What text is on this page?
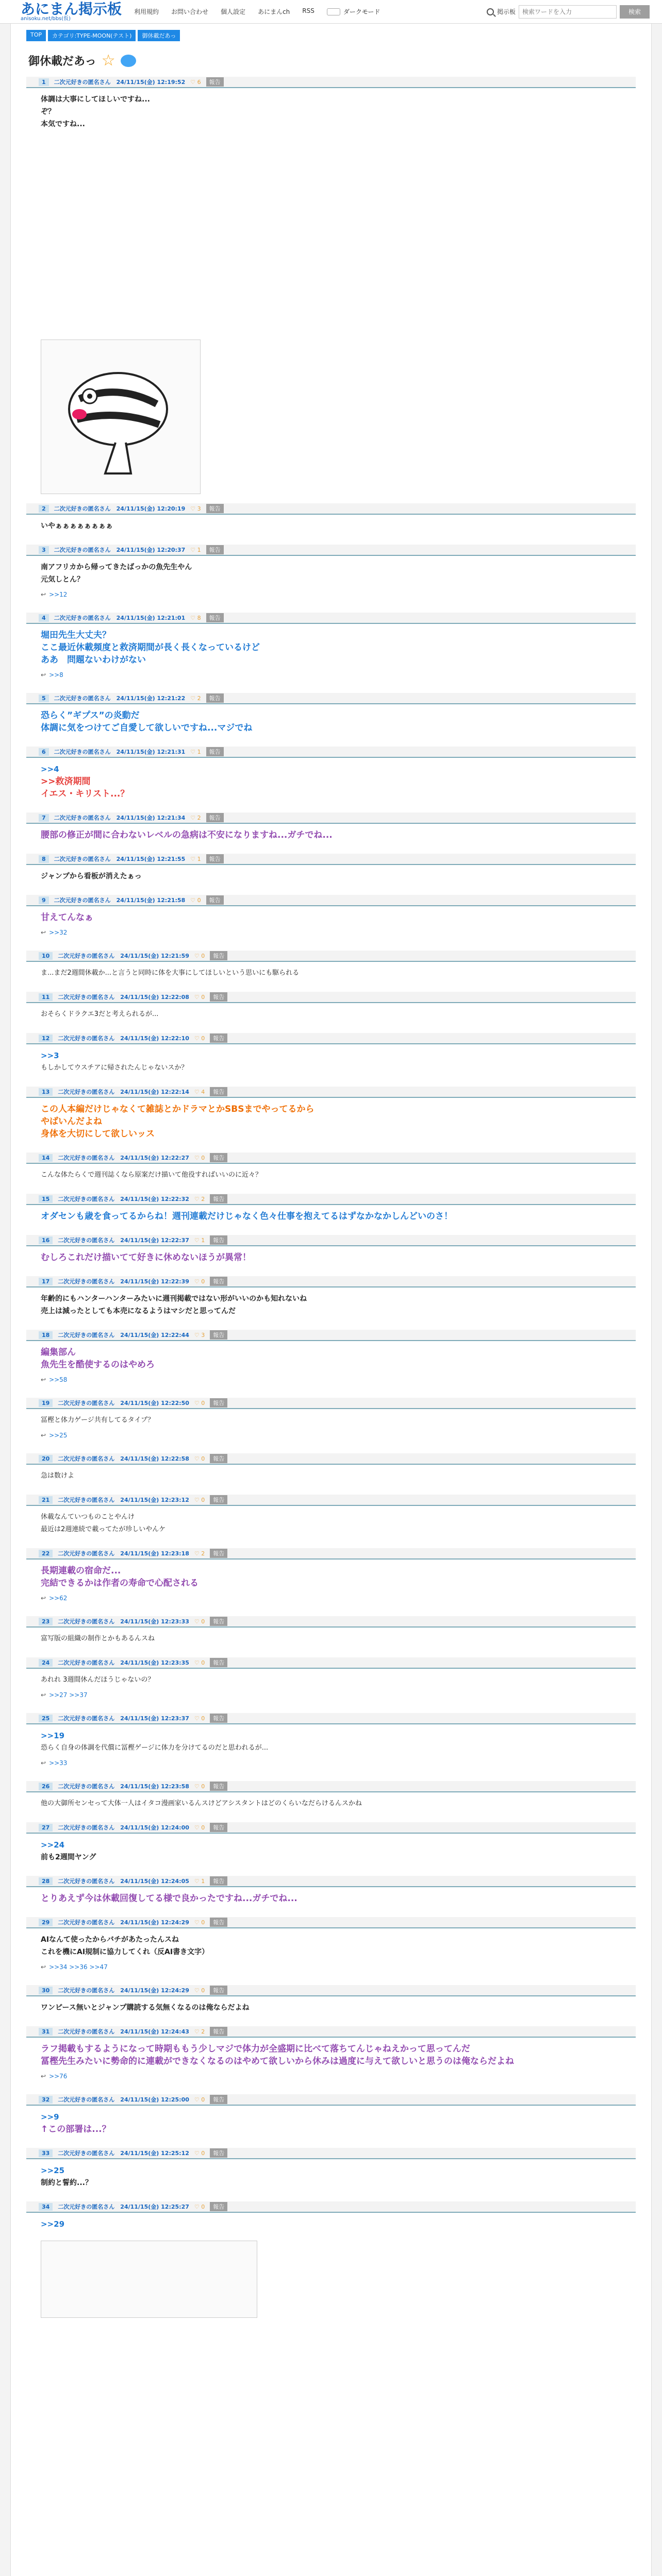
あにまん掲示板
anisoku.net/bbs(仮)
利用規約 お問い合わせ 個人設定 あにまんch RSS	ダークモード	掲示板
検索ワードを入力	検索
TOP	カテゴリ:TYPE-MOON(テスト)	御休載だあっ
御休載だあっ ☆
1	二次元好きの匿名さん　24/11/15(金) 12:19:52 ♡ 6	報告
体調は大事にしてほしいですね...
ぞ？
本気ですね...
2	二次元好きの匿名さん　24/11/15(金) 12:20:19 ♡ 3	報告
いやぁぁぁぁぁぁぁぁ
3	二次元好きの匿名さん　24/11/15(金) 12:20:37 ♡ 1	報告
南アフリカから帰ってきたばっかの魚先生やん
元気しとん？
↩ >>12
4	二次元好きの匿名さん　24/11/15(金) 12:21:01 ♡ 8	報告
堀田先生大丈夫？
ここ最近休載頻度と救済期間が長く長くなっているけど
ああ　問題ないわけがない
↩ >>8
5	二次元好きの匿名さん　24/11/15(金) 12:21:22 ♡ 2	報告
恐らく”ギプス”の炎動だ
体調に気をつけてご自愛して欲しいですね...マジでね
6	二次元好きの匿名さん　24/11/15(金) 12:21:31 ♡ 1	報告
>>4
>>救済期間
イエス・キリスト...？
7	二次元好きの匿名さん　24/11/15(金) 12:21:34 ♡ 2	報告
腰部の修正が間に合わないレベルの急病は不安になりますね...ガチでね...
8	二次元好きの匿名さん　24/11/15(金) 12:21:55 ♡ 1	報告
ジャンプから看板が消えたぁっ
9	二次元好きの匿名さん　24/11/15(金) 12:21:58 ♡ 0	報告
甘えてんなぁ
↩ >>32
10	二次元好きの匿名さん　24/11/15(金) 12:21:59 ♡ 0	報告
ま...まだ2週間休載か...と言うと同時に体を大事にしてほしいという思いにも駆られる
11	二次元好きの匿名さん　24/11/15(金) 12:22:08 ♡ 0	報告
おそらくドラクエ3だと考えられるが...
12	二次元好きの匿名さん　24/11/15(金) 12:22:10 ♡ 0	報告
>>3
もしかしてウスチアに帰されたんじゃないスか？
13	二次元好きの匿名さん　24/11/15(金) 12:22:14 ♡ 4	報告
この人本編だけじゃなくて雑誌とかドラマとかSBSまでやってるから
やばいんだよね
身体を大切にして欲しいッス
14	二次元好きの匿名さん　24/11/15(金) 12:22:27 ♡ 0	報告
こんな体たらくで週刊誌くなら原案だけ描いて他役すればいいのに近々？
15	二次元好きの匿名さん　24/11/15(金) 12:22:32 ♡ 2	報告
オダセンも歳を食ってるからね！週刊連載だけじゃなく色々仕事を抱えてるはずなかなかしんどいのさ！
16	二次元好きの匿名さん　24/11/15(金) 12:22:37 ♡ 1	報告
むしろこれだけ描いてて好きに休めないほうが異常！
17	二次元好きの匿名さん　24/11/15(金) 12:22:39 ♡ 0	報告
年齢的にもハンターハンターみたいに週刊掲載ではない形がいいのかも知れないね
売上は減ったとしても本売になるようはマシだと思ってんだ
18	二次元好きの匿名さん　24/11/15(金) 12:22:44 ♡ 3	報告
編集部ん
魚先生を酷使するのはやめろ
↩ >>58
19	二次元好きの匿名さん　24/11/15(金) 12:22:50 ♡ 0	報告
冨樫と体力ゲージ共有してるタイプ？
↩ >>25
20	二次元好きの匿名さん　24/11/15(金) 12:22:58 ♡ 0	報告
急は数けよ
21	二次元好きの匿名さん　24/11/15(金) 12:23:12 ♡ 0	報告
休載なんていつものことやんけ
最近は2週連続で載ってたが珍しいやんケ
22	二次元好きの匿名さん　24/11/15(金) 12:23:18 ♡ 2	報告
長期連載の宿命だ...
完結できるかは作者の寿命で心配される
↩ >>62
23	二次元好きの匿名さん　24/11/15(金) 12:23:33 ♡ 0	報告
富写版の組織の制作とかもあるんスね
24	二次元好きの匿名さん　24/11/15(金) 12:23:35 ♡ 0	報告
あれれ 3週間休んだほうじゃないの？
↩ >>27 >>37
25	二次元好きの匿名さん　24/11/15(金) 12:23:37 ♡ 0	報告
>>19
恐らく自身の体調を代償に冨樫ゲージに体力を分けてるのだと思われるが...
↩ >>33
26	二次元好きの匿名さん　24/11/15(金) 12:23:58 ♡ 0	報告
他の大御所センセって大体一人はイタコ漫画家いるんスけどアシスタントはどのくらいなだらけるんスかね
27	二次元好きの匿名さん　24/11/15(金) 12:24:00 ♡ 0	報告
>>24
前も2週間ヤング
28	二次元好きの匿名さん　24/11/15(金) 12:24:05 ♡ 1	報告
とりあえず今は休載回復してる様で良かったですね...ガチでね...
29	二次元好きの匿名さん　24/11/15(金) 12:24:29 ♡ 0	報告
AIなんて使ったからバチがあたったんスね
これを機にAI規制に協力してくれ（反AI書き文字）
↩ >>34 >>36 >>47
30	二次元好きの匿名さん　24/11/15(金) 12:24:29 ♡ 0	報告
ワンピース無いとジャンプ購読する気無くなるのは俺ならだよね
31	二次元好きの匿名さん　24/11/15(金) 12:24:43 ♡ 2	報告
ラフ掲載もするようになって時期ももう少しマジで体力が全盛期に比べて落ちてんじゃねえかって思ってんだ
冨樫先生みたいに勢命的に連載ができなくなるのはやめて欲しいから休みは過度に与えて欲しいと思うのは俺ならだよね
↩ >>76
32	二次元好きの匿名さん　24/11/15(金) 12:25:00 ♡ 0	報告
>>9
↑この部署は...？
33	二次元好きの匿名さん　24/11/15(金) 12:25:12 ♡ 0	報告
>>25
制約と誓約...？
34	二次元好きの匿名さん　24/11/15(金) 12:25:27 ♡ 0	報告
>>29
